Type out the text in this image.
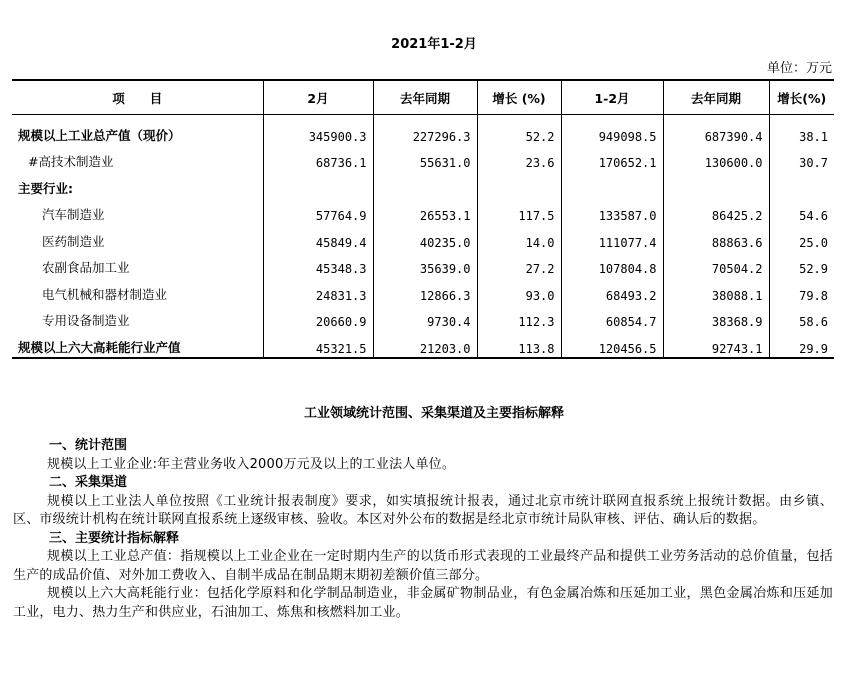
2021年1-2月
单位：万元
项　　目	2月	去年同期	增长 (%)	1-2月	去年同期	增长(%)
规模以上工业总产值（现价）	345900.3	227296.3	52.2	949098.5	687390.4	38.1
#高技术制造业	68736.1	55631.0	23.6	170652.1	130600.0	30.7
主要行业:						
汽车制造业	57764.9	26553.1	117.5	133587.0	86425.2	54.6
医药制造业	45849.4	40235.0	14.0	111077.4	88863.6	25.0
农副食品加工业	45348.3	35639.0	27.2	107804.8	70504.2	52.9
电气机械和器材制造业	24831.3	12866.3	93.0	68493.2	38088.1	79.8
专用设备制造业	20660.9	9730.4	112.3	60854.7	38368.9	58.6
规模以上六大高耗能行业产值	45321.5	21203.0	113.8	120456.5	92743.1	29.9
工业领域统计范围、采集渠道及主要指标解释
一、统计范围

规模以上工业企业:年主营业务收入2000万元及以上的工业法人单位。

二、采集渠道

规模以上工业法人单位按照《工业统计报表制度》要求，如实填报统计报表，通过北京市统计联网直报系统上报统计数据。由乡镇、区、市级统计机构在统计联网直报系统上逐级审核、验收。本区对外公布的数据是经北京市统计局队审核、评估、确认后的数据。

三、主要统计指标解释

规模以上工业总产值：指规模以上工业企业在一定时期内生产的以货币形式表现的工业最终产品和提供工业劳务活动的总价值量，包括生产的成品价值、对外加工费收入、自制半成品在制品期末期初差额价值三部分。

规模以上六大高耗能行业：包括化学原料和化学制品制造业，非金属矿物制品业，有色金属冶炼和压延加工业，黑色金属冶炼和压延加工业，电力、热力生产和供应业，石油加工、炼焦和核燃料加工业。
